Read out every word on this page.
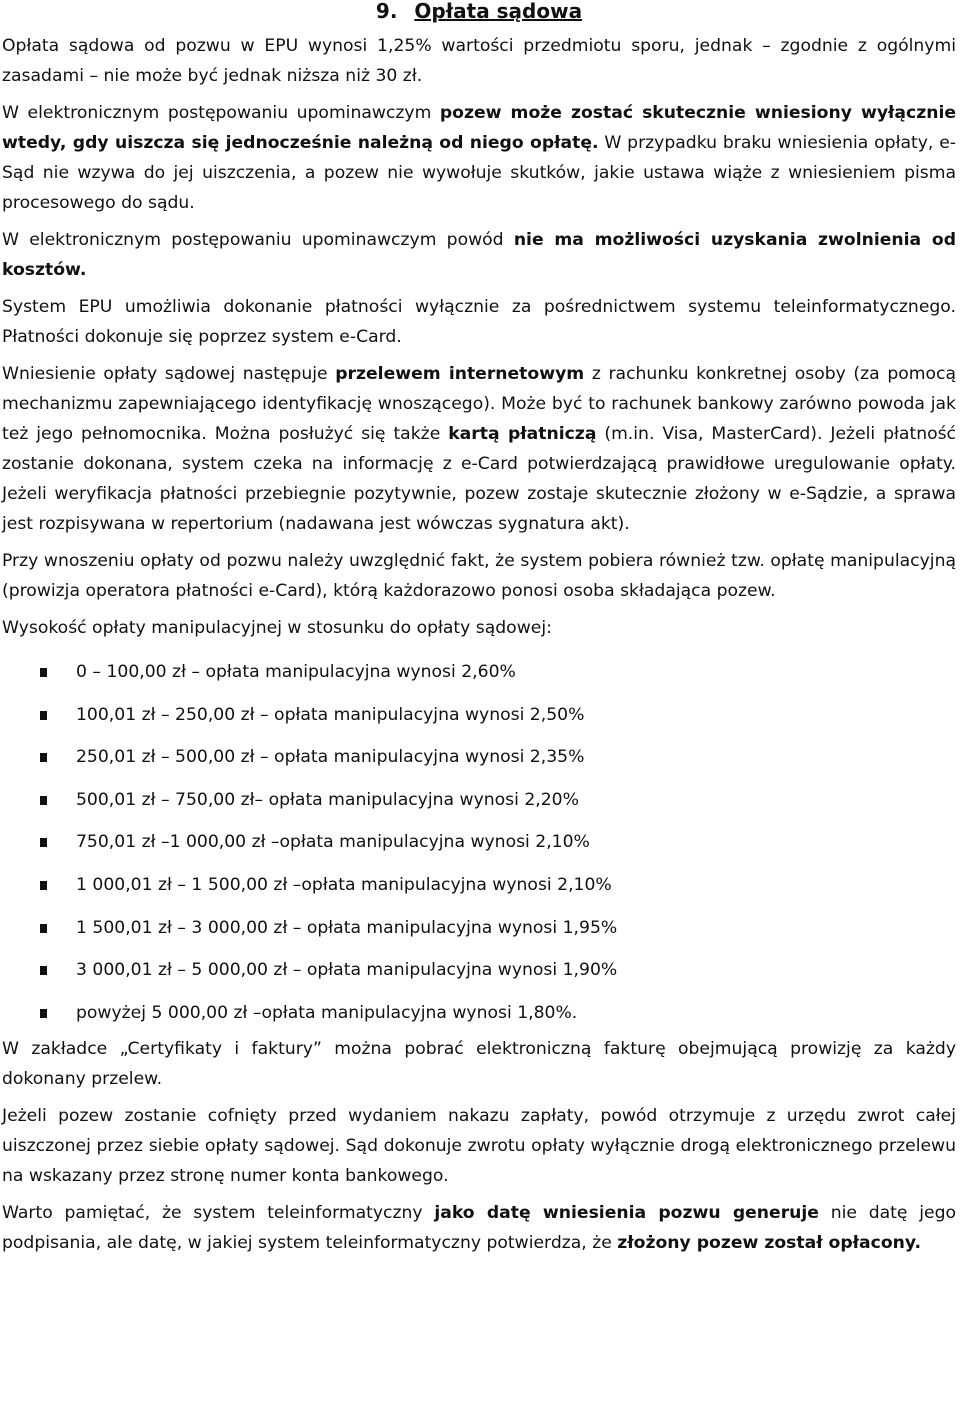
9. Opłata sądowa

Opłata sądowa od pozwu w EPU wynosi 1,25% wartości przedmiotu sporu, jednak – zgodnie z ogólnymi zasadami – nie może być jednak niższa niż 30 zł.

W elektronicznym postępowaniu upominawczym pozew może zostać skutecznie wniesiony wyłącznie wtedy, gdy uiszcza się jednocześnie należną od niego opłatę. W przypadku braku wniesienia opłaty, e-Sąd nie wzywa do jej uiszczenia, a pozew nie wywołuje skutków, jakie ustawa wiąże z wniesieniem pisma procesowego do sądu.

W elektronicznym postępowaniu upominawczym powód nie ma możliwości uzyskania zwolnienia od kosztów.

System EPU umożliwia dokonanie płatności wyłącznie za pośrednictwem systemu teleinformatycznego. Płatności dokonuje się poprzez system e-Card.

Wniesienie opłaty sądowej następuje przelewem internetowym z rachunku konkretnej osoby (za pomocą mechanizmu zapewniającego identyfikację wnoszącego). Może być to rachunek bankowy zarówno powoda jak też jego pełnomocnika. Można posłużyć się także kartą płatniczą (m.in. Visa, MasterCard). Jeżeli płatność zostanie dokonana, system czeka na informację z e-Card potwierdzającą prawidłowe uregulowanie opłaty. Jeżeli weryfikacja płatności przebiegnie pozytywnie, pozew zostaje skutecznie złożony w e-Sądzie, a sprawa jest rozpisywana w repertorium (nadawana jest wówczas sygnatura akt).

Przy wnoszeniu opłaty od pozwu należy uwzględnić fakt, że system pobiera również tzw. opłatę manipulacyjną (prowizja operatora płatności e-Card), którą każdorazowo ponosi osoba składająca pozew.

Wysokość opłaty manipulacyjnej w stosunku do opłaty sądowej:

0 – 100,00 zł – opłata manipulacyjna wynosi 2,60%
100,01 zł – 250,00 zł – opłata manipulacyjna wynosi 2,50%
250,01 zł – 500,00 zł – opłata manipulacyjna wynosi 2,35%
500,01 zł – 750,00 zł– opłata manipulacyjna wynosi 2,20%
750,01 zł –1 000,00 zł –opłata manipulacyjna wynosi 2,10%
1 000,01 zł – 1 500,00 zł –opłata manipulacyjna wynosi 2,10%
1 500,01 zł – 3 000,00 zł – opłata manipulacyjna wynosi 1,95%
3 000,01 zł – 5 000,00 zł – opłata manipulacyjna wynosi 1,90%
powyżej 5 000,00 zł –opłata manipulacyjna wynosi 1,80%.

W zakładce „Certyfikaty i faktury” można pobrać elektroniczną fakturę obejmującą prowizję za każdy dokonany przelew.

Jeżeli pozew zostanie cofnięty przed wydaniem nakazu zapłaty, powód otrzymuje z urzędu zwrot całej uiszczonej przez siebie opłaty sądowej. Sąd dokonuje zwrotu opłaty wyłącznie drogą elektronicznego przelewu na wskazany przez stronę numer konta bankowego.

Warto pamiętać, że system teleinformatyczny jako datę wniesienia pozwu generuje nie datę jego podpisania, ale datę, w jakiej system teleinformatyczny potwierdza, że złożony pozew został opłacony.
